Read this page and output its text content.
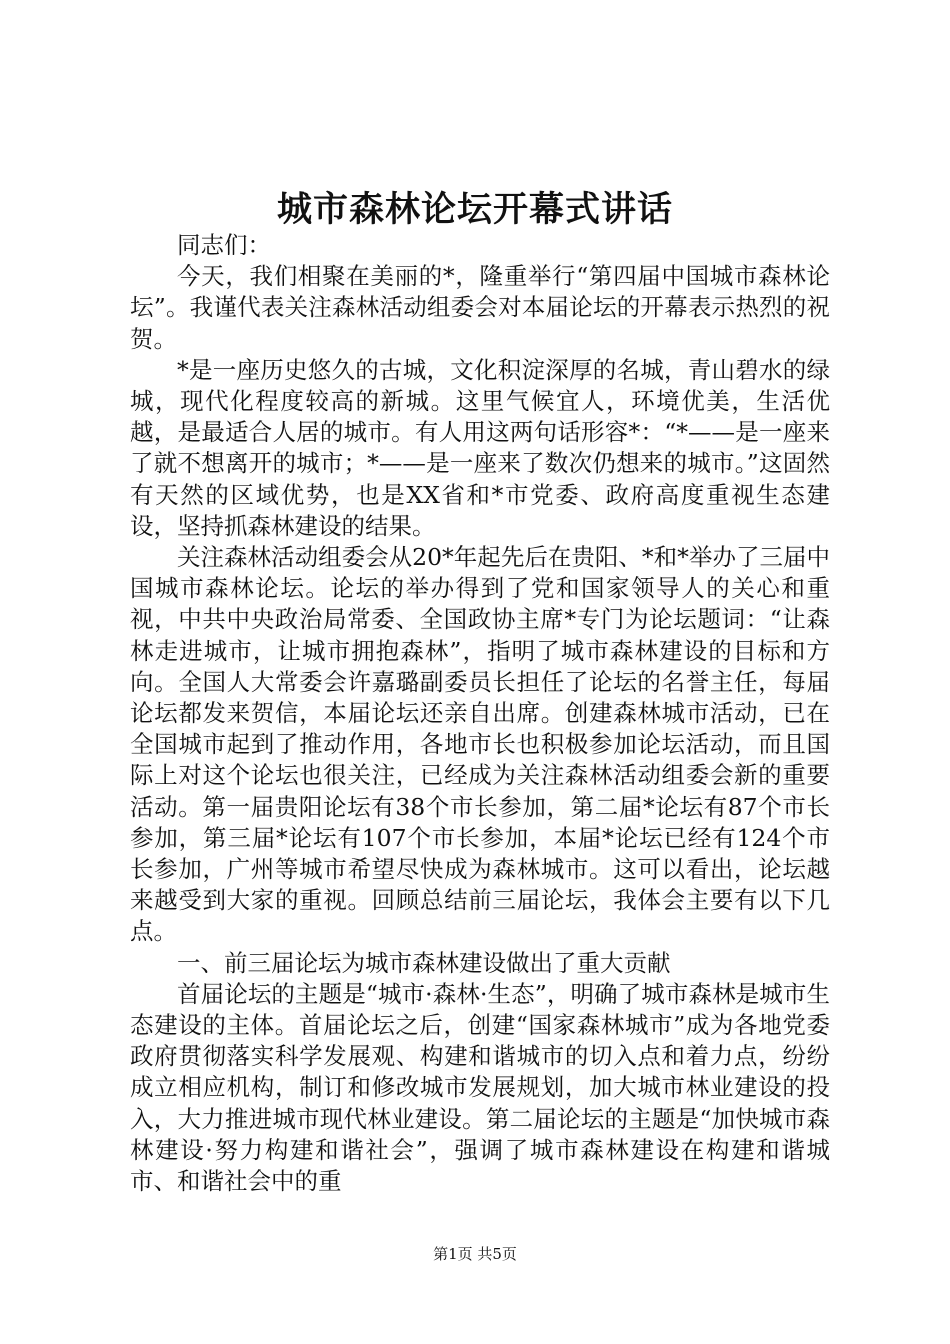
城市森林论坛开幕式讲话

同志们：

今天，我们相聚在美丽的*，隆重举行“第四届中国城市森林论坛”。我谨代表关注森林活动组委会对本届论坛的开幕表示热烈的祝贺。

*是一座历史悠久的古城，文化积淀深厚的名城，青山碧水的绿城，现代化程度较高的新城。这里气候宜人，环境优美，生活优越，是最适合人居的城市。有人用这两句话形容*：“*——是一座来了就不想离开的城市；*——是一座来了数次仍想来的城市。”这固然有天然的区域优势，也是XX省和*市党委、政府高度重视生态建设，坚持抓森林建设的结果。

关注森林活动组委会从20*年起先后在贵阳、*和*举办了三届中国城市森林论坛。论坛的举办得到了党和国家领导人的关心和重视，中共中央政治局常委、全国政协主席*专门为论坛题词：“让森林走进城市，让城市拥抱森林”，指明了城市森林建设的目标和方向。全国人大常委会许嘉璐副委员长担任了论坛的名誉主任，每届论坛都发来贺信，本届论坛还亲自出席。创建森林城市活动，已在全国城市起到了推动作用，各地市长也积极参加论坛活动，而且国际上对这个论坛也很关注，已经成为关注森林活动组委会新的重要活动。第一届贵阳论坛有38个市长参加，第二届*论坛有87个市长参加，第三届*论坛有107个市长参加，本届*论坛已经有124个市长参加，广州等城市希望尽快成为森林城市。这可以看出，论坛越来越受到大家的重视。回顾总结前三届论坛，我体会主要有以下几点。

一、前三届论坛为城市森林建设做出了重大贡献

首届论坛的主题是“城市·森林·生态”，明确了城市森林是城市生态建设的主体。首届论坛之后，创建“国家森林城市”成为各地党委政府贯彻落实科学发展观、构建和谐城市的切入点和着力点，纷纷成立相应机构，制订和修改城市发展规划，加大城市林业建设的投入，大力推进城市现代林业建设。第二届论坛的主题是“加快城市森林建设·努力构建和谐社会”，强调了城市森林建设在构建和谐城市、和谐社会中的重

第1页 共5页
